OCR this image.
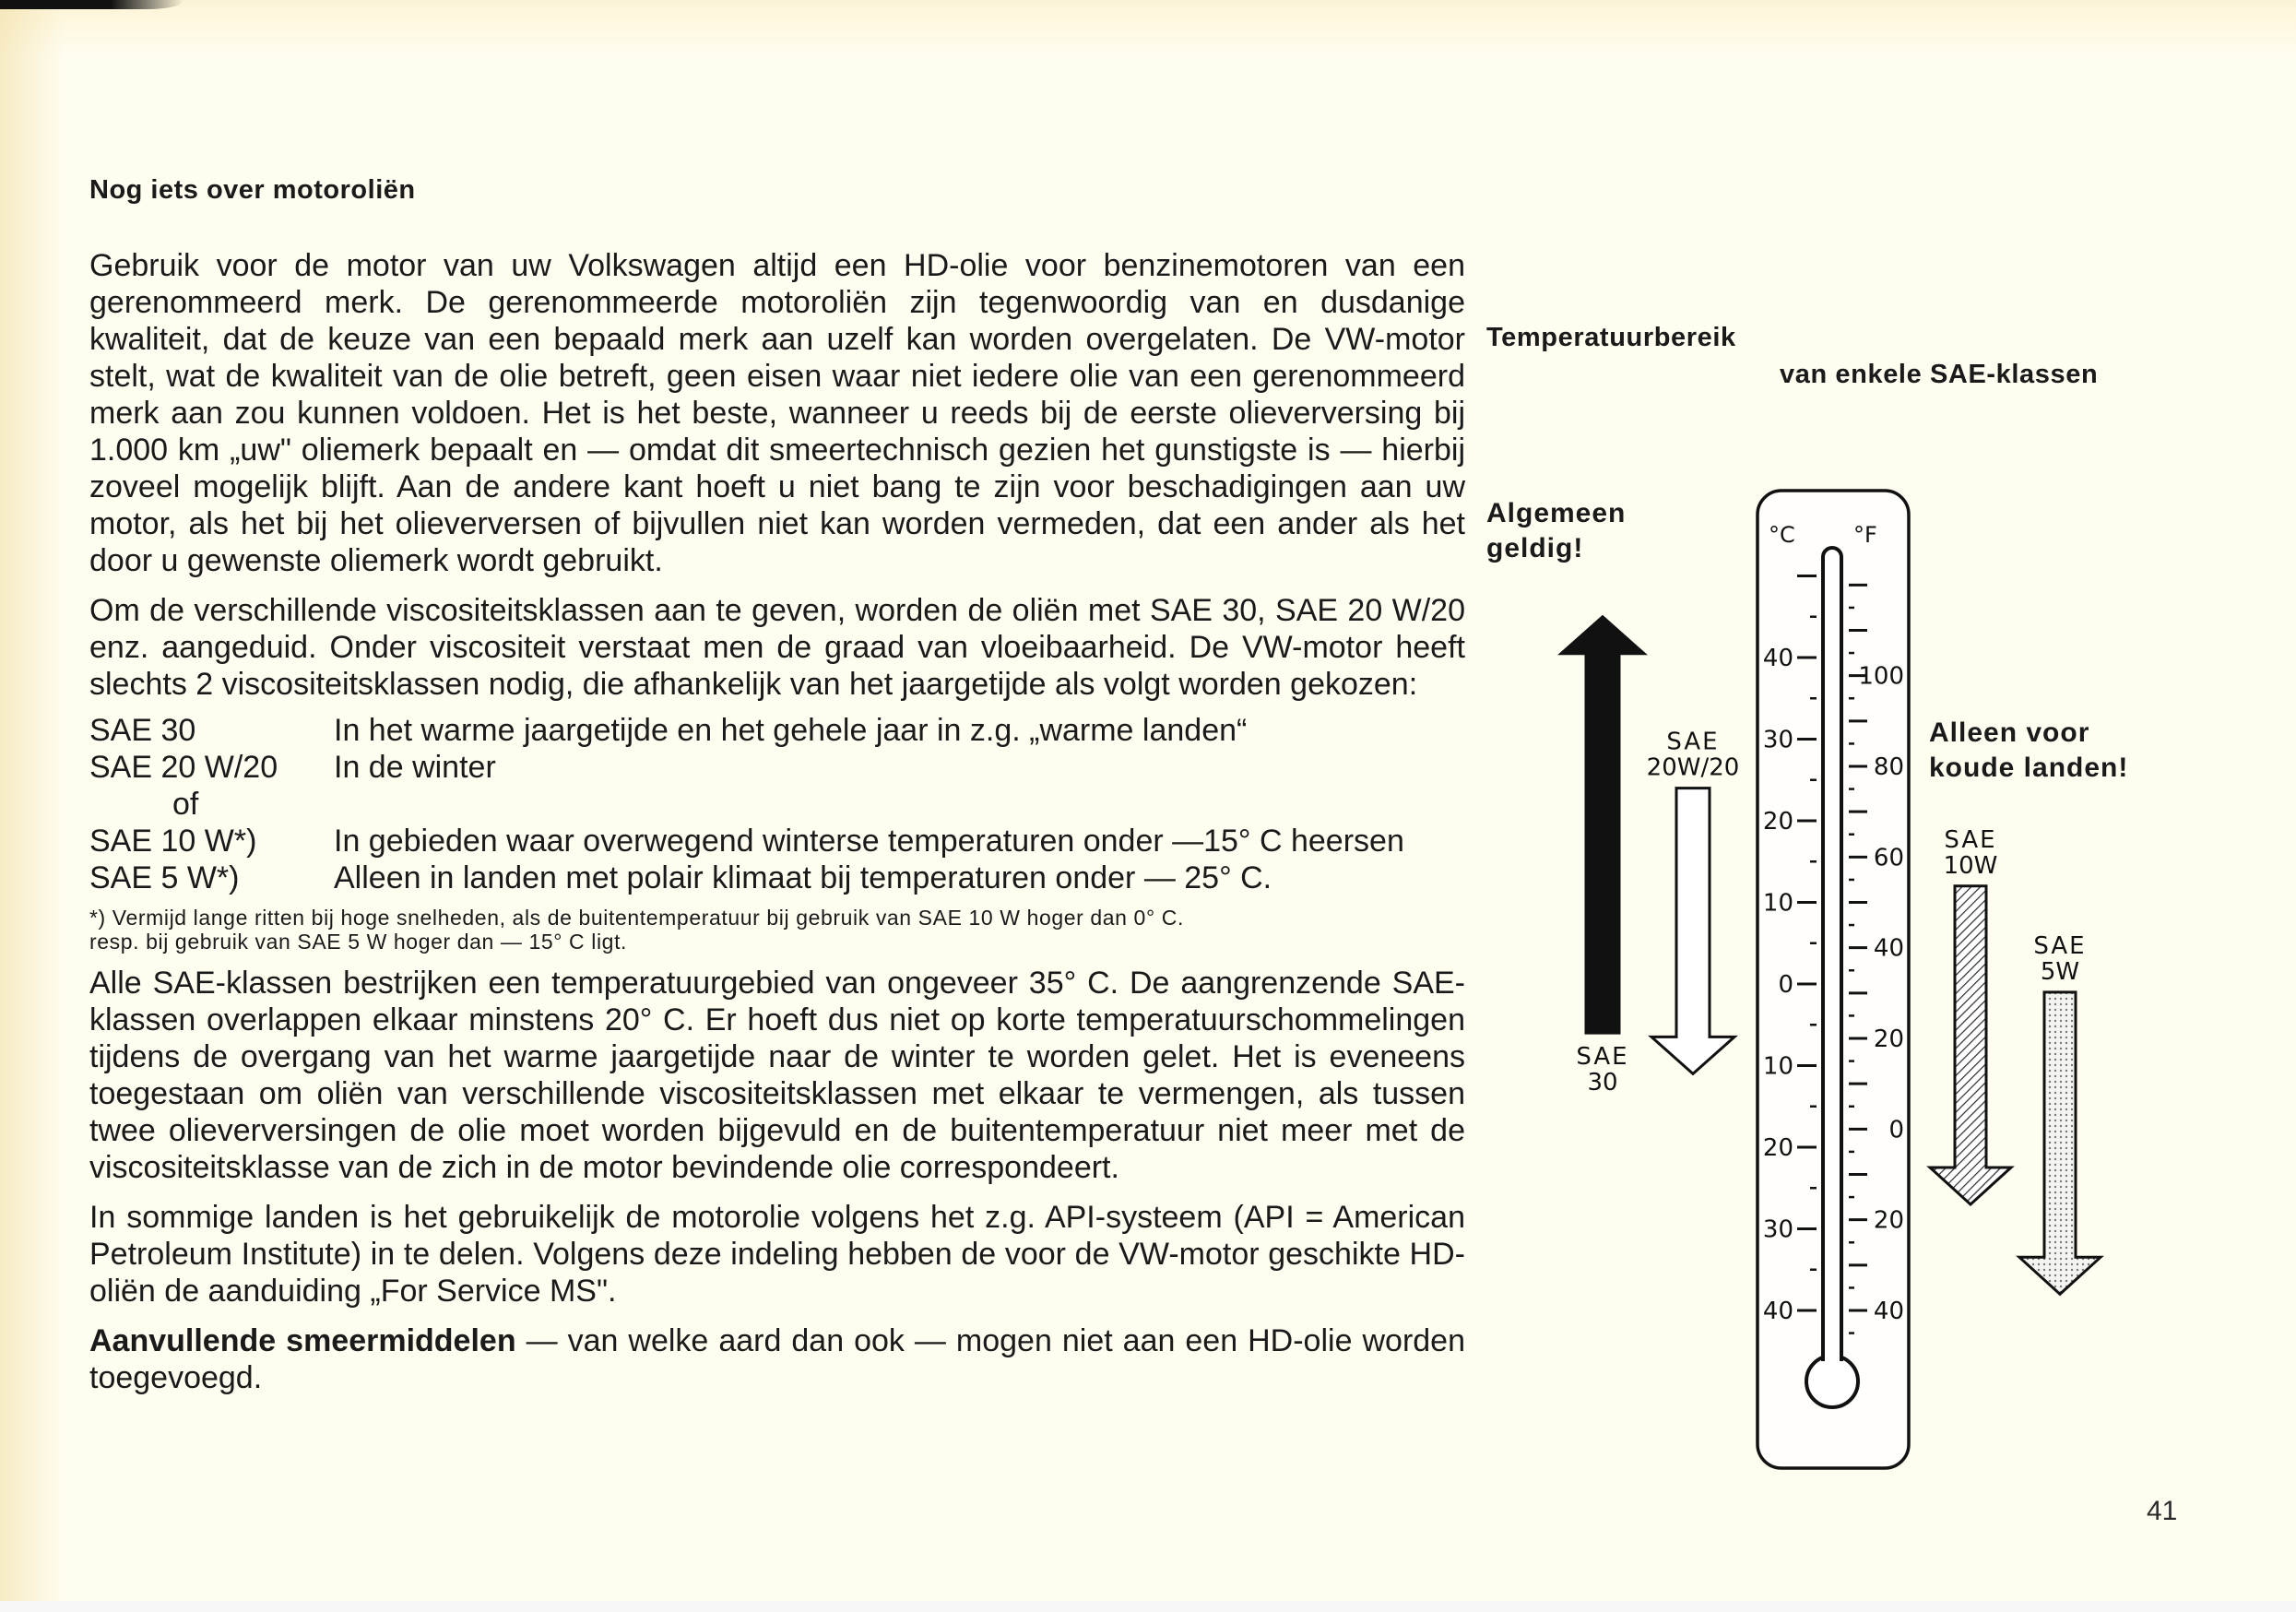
Nog iets over motoroliën

Gebruik voor de motor van uw Volkswagen altijd een HD-olie voor benzinemotoren van een gerenommeerd merk. De gerenommeerde motoroliën zijn tegenwoordig van en dusdanige kwaliteit, dat de keuze van een bepaald merk aan uzelf kan worden overgelaten. De VW-motor stelt, wat de kwaliteit van de olie betreft, geen eisen waar niet iedere olie van een gerenommeerd merk aan zou kunnen voldoen. Het is het beste, wanneer u reeds bij de eerste olieverversing bij 1.000 km „uw" oliemerk bepaalt en — omdat dit smeertechnisch gezien het gunstigste is — hierbij zoveel mogelijk blijft. Aan de andere kant hoeft u niet bang te zijn voor beschadigingen aan uw motor, als het bij het olieverversen of bijvullen niet kan worden vermeden, dat een ander als het door u gewenste oliemerk wordt gebruikt.

Om de verschillende viscositeitsklassen aan te geven, worden de oliën met SAE 30, SAE 20 W/20 enz. aangeduid. Onder viscositeit verstaat men de graad van vloeibaarheid. De VW-motor heeft slechts 2 viscositeitsklassen nodig, die afhankelijk van het jaargetijde als volgt worden gekozen:

SAE 30	In het warme jaargetijde en het gehele jaar in z.g. „warme landen“
SAE 20 W/20	In de winter
of
SAE 10 W*)	In gebieden waar overwegend winterse temperaturen onder —15° C heersen
SAE 5 W*)	Alleen in landen met polair klimaat bij temperaturen onder — 25° C.
*) Vermijd lange ritten bij hoge snelheden, als de buitentemperatuur bij gebruik van SAE 10 W hoger dan 0° C.
resp. bij gebruik van SAE 5 W hoger dan — 15° C ligt.

Alle SAE-klassen bestrijken een temperatuurgebied van ongeveer 35° C. De aangrenzende SAE-klassen overlappen elkaar minstens 20° C. Er hoeft dus niet op korte temperatuurschommelingen tijdens de overgang van het warme jaargetijde naar de winter te worden gelet. Het is eveneens toegestaan om oliën van verschillende viscositeitsklassen met elkaar te vermengen, als tussen twee olieverversingen de olie moet worden bijgevuld en de buitentemperatuur niet meer met de viscositeitsklasse van de zich in de motor bevindende olie correspondeert.

In sommige landen is het gebruikelijk de motorolie volgens het z.g. API-systeem (API = American Petroleum Institute) in te delen. Volgens deze indeling hebben de voor de VW-motor geschikte HD-oliën de aanduiding „For Service MS".

Aanvullende smeermiddelen — van welke aard dan ook — mogen niet aan een HD-olie worden toegevoegd.

Temperatuurbereik
van enkele SAE-klassen
Algemeen
geldig!
Alleen voor
koude landen!
°C	°F
40
30
20
10
0
10
20
30
40
100
80
60
40
20
0
20
40
SAE
30
SAE
20W/20
SAE
10W
SAE
5W
41
